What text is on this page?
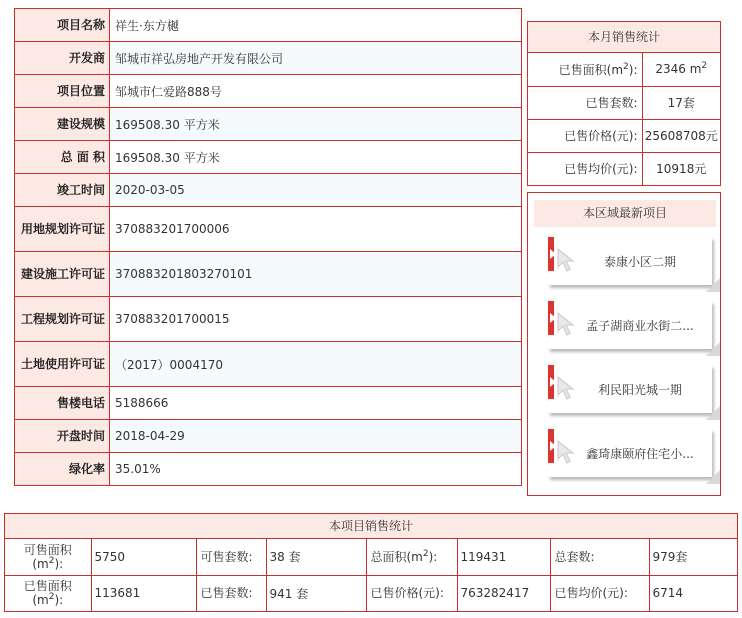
项目名称	祥生·东方樾
开发商	邹城市祥弘房地产开发有限公司
项目位置	邹城市仁爱路888号
建设规模	169508.30 平方米
总 面 积	169508.30 平方米
竣工时间	2020-03-05
用地规划许可证	370883201700006
建设施工许可证	370883201803270101
工程规划许可证	370883201700015
土地使用许可证	（2017）0004170
售楼电话	5188666
开盘时间	2018-04-29
绿化率	35.01%
本月销售统计
已售面积$(m^2)$:	2346 $m^2$
已售套数:	17套
已售价格(元):	25608708元
已售均价(元):	10918元
本区域最新项目
泰康小区二期
孟子湖商业水街二...
利民阳光城一期
鑫琦康颐府住宅小...
本项目销售统计
可售面积
$(m^2)$:	5750	可售套数:	38 套	总面积$(m^2)$:	119431	总套数:	979套
已售面积
$(m^2)$:	113681	已售套数:	941 套	已售价格(元):	763282417	已售均价(元):	6714
